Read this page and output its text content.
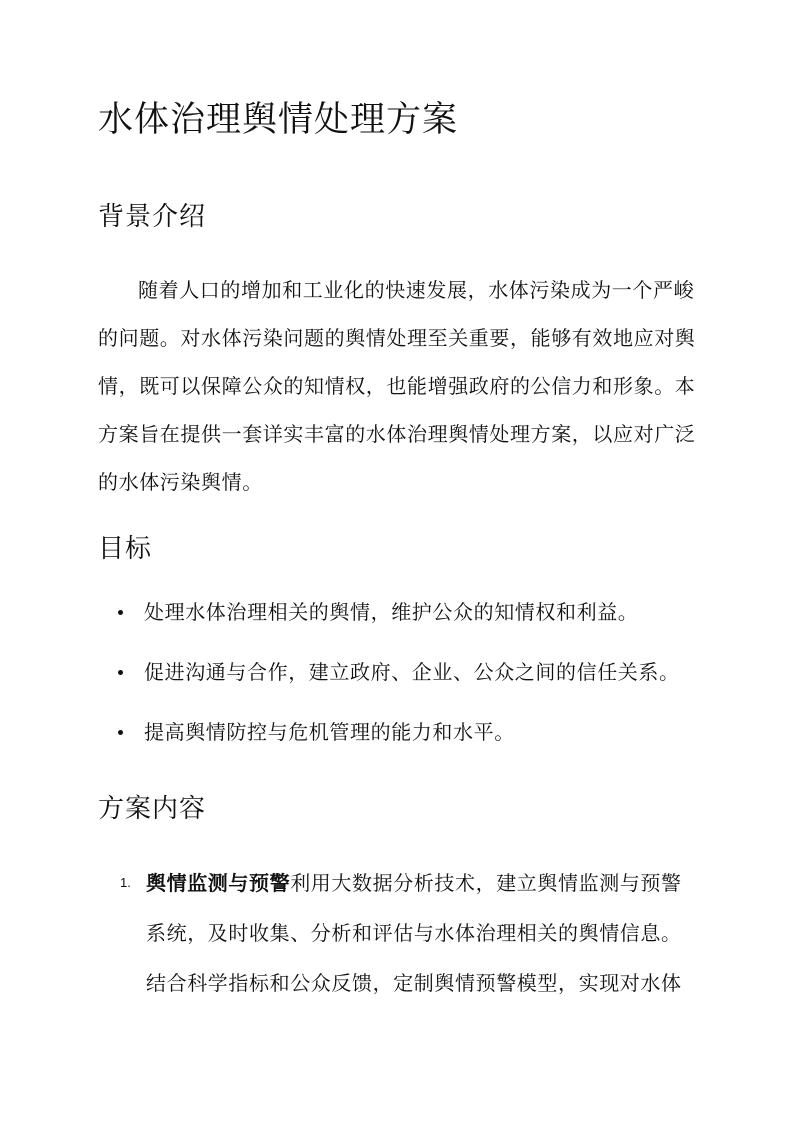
水体治理舆情处理方案
背景介绍
随着人口的增加和工业化的快速发展，水体污染成为一个严峻
的问题。对水体污染问题的舆情处理至关重要，能够有效地应对舆
情，既可以保障公众的知情权，也能增强政府的公信力和形象。本
方案旨在提供一套详实丰富的水体治理舆情处理方案，以应对广泛
的水体污染舆情。
目标
处理水体治理相关的舆情，维护公众的知情权和利益。
促进沟通与合作，建立政府、企业、公众之间的信任关系。
提高舆情防控与危机管理的能力和水平。
方案内容
1. 舆情监测与预警利用大数据分析技术，建立舆情监测与预警
系统，及时收集、分析和评估与水体治理相关的舆情信息。
结合科学指标和公众反馈，定制舆情预警模型，实现对水体
